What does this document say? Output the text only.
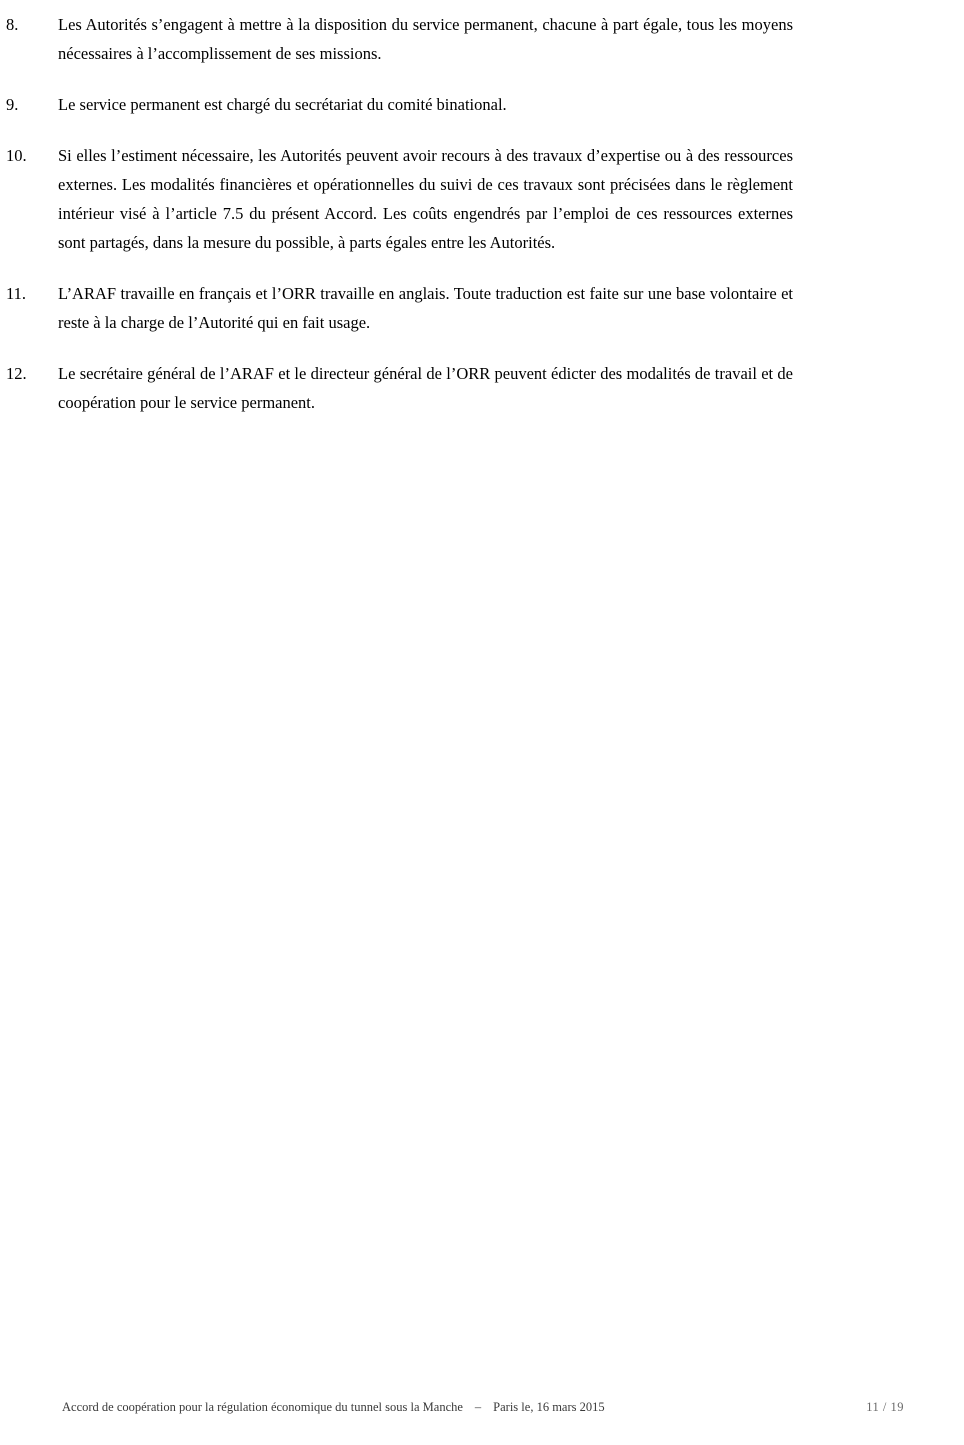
8.	Les Autorités s’engagent à mettre à la disposition du service permanent, chacune à part égale, tous les moyens nécessaires à l’accomplissement de ses missions.
9.	Le service permanent est chargé du secrétariat du comité binational.
10.	Si elles l’estiment nécessaire, les Autorités peuvent avoir recours à des travaux d’expertise ou à des ressources externes. Les modalités financières et opérationnelles du suivi de ces travaux sont précisées dans le règlement intérieur visé à l’article 7.5 du présent Accord. Les coûts engendrés par l’emploi de ces ressources externes sont partagés, dans la mesure du possible, à parts égales entre les Autorités.
11.	L’ARAF travaille en français et l’ORR travaille en anglais. Toute traduction est faite sur une base volontaire et reste à la charge de l’Autorité qui en fait usage.
12.	Le secrétaire général de l’ARAF et le directeur général de l’ORR peuvent édicter des modalités de travail et de coopération pour le service permanent.
Accord de coopération pour la régulation économique du tunnel sous la Manche – Paris le, 16 mars 2015	11 / 19
